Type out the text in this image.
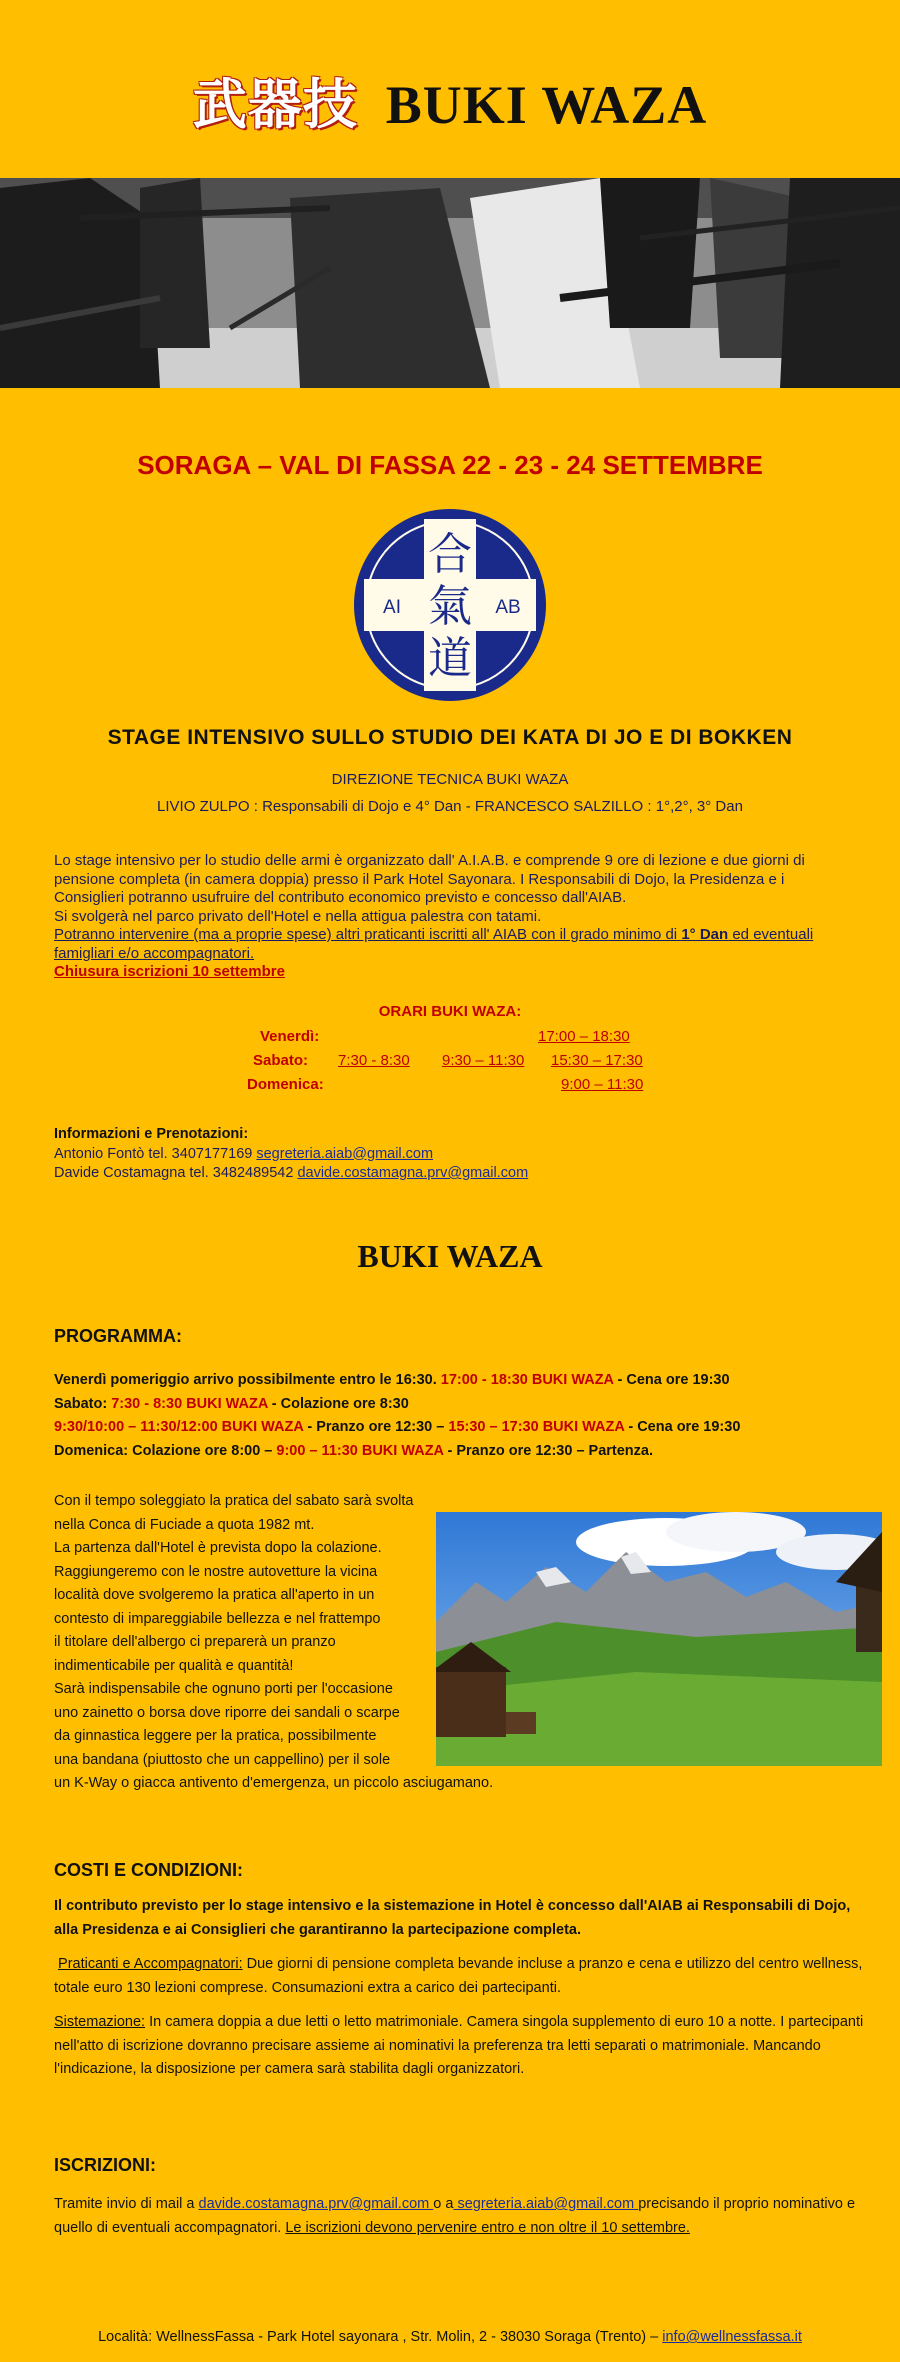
武器技 BUKI WAZA
SORAGA – VAL DI FASSA 22 - 23 - 24 SETTEMBRE
AI	AB
合
氣
道
STAGE INTENSIVO SULLO STUDIO DEI KATA DI JO E DI BOKKEN
DIREZIONE TECNICA BUKI WAZA
LIVIO ZULPO : Responsabili di Dojo e 4° Dan - FRANCESCO SALZILLO : 1°,2°, 3° Dan
Lo stage intensivo per lo studio delle armi è organizzato dall' A.I.A.B. e comprende 9 ore di lezione e due giorni di pensione completa (in camera doppia) presso il Park Hotel Sayonara. I Responsabili di Dojo, la Presidenza e i Consiglieri potranno usufruire del contributo economico previsto e concesso dall'AIAB.
Si svolgerà nel parco privato dell'Hotel e nella attigua palestra con tatami.
Potranno intervenire (ma a proprie spese) altri praticanti iscritti all' AIAB con il grado minimo di 1° Dan ed eventuali famigliari e/o accompagnatori.
Chiusura iscrizioni 10 settembre
ORARI BUKI WAZA:
Venerdì:	17:00 – 18:30
Sabato: 7:30 - 8:30 9:30 – 11:30 15:30 – 17:30
Domenica:	9:00 – 11:30
Informazioni e Prenotazioni:
Antonio Fontò tel. 3407177169 segreteria.aiab@gmail.com
Davide Costamagna tel. 3482489542 davide.costamagna.prv@gmail.com
BUKI WAZA
PROGRAMMA:
Venerdì pomeriggio arrivo possibilmente entro le 16:30. 17:00 - 18:30 BUKI WAZA - Cena ore 19:30
Sabato: 7:30 - 8:30 BUKI WAZA - Colazione ore 8:30
9:30/10:00 – 11:30/12:00 BUKI WAZA - Pranzo ore 12:30 – 15:30 – 17:30 BUKI WAZA - Cena ore 19:30
Domenica: Colazione ore 8:00 – 9:00 – 11:30 BUKI WAZA - Pranzo ore 12:30 – Partenza.
Con il tempo soleggiato la pratica del sabato sarà svolta
nella Conca di Fuciade a quota 1982 mt.
La partenza dall'Hotel è prevista dopo la colazione.
Raggiungeremo con le nostre autovetture la vicina
località dove svolgeremo la pratica all'aperto in un
contesto di impareggiabile bellezza e nel frattempo
il titolare dell'albergo ci preparerà un pranzo
indimenticabile per qualità e quantità!
Sarà indispensabile che ognuno porti per l'occasione
uno zainetto o borsa dove riporre dei sandali o scarpe
da ginnastica leggere per la pratica, possibilmente
una bandana (piuttosto che un cappellino) per il sole
un K-Way o giacca antivento d'emergenza, un piccolo asciugamano.
COSTI E CONDIZIONI:

Il contributo previsto per lo stage intensivo e la sistemazione in Hotel è concesso dall'AIAB ai Responsabili di Dojo, alla Presidenza e ai Consiglieri che garantiranno la partecipazione completa.

Praticanti e Accompagnatori: Due giorni di pensione completa bevande incluse a pranzo e cena e utilizzo del centro wellness, totale euro 130 lezioni comprese. Consumazioni extra a carico dei partecipanti.

Sistemazione: In camera doppia a due letti o letto matrimoniale. Camera singola supplemento di euro 10 a notte. I partecipanti nell'atto di iscrizione dovranno precisare assieme ai nominativi la preferenza tra letti separati o matrimoniale. Mancando l'indicazione, la disposizione per camera sarà stabilita dagli organizzatori.

ISCRIZIONI:
Tramite invio di mail a davide.costamagna.prv@gmail.com o a segreteria.aiab@gmail.com precisando il proprio nominativo e quello di eventuali accompagnatori. Le iscrizioni devono pervenire entro e non oltre il 10 settembre.
Località: WellnessFassa - Park Hotel sayonara , Str. Molin, 2 - 38030 Soraga (Trento) – info@wellnessfassa.it
